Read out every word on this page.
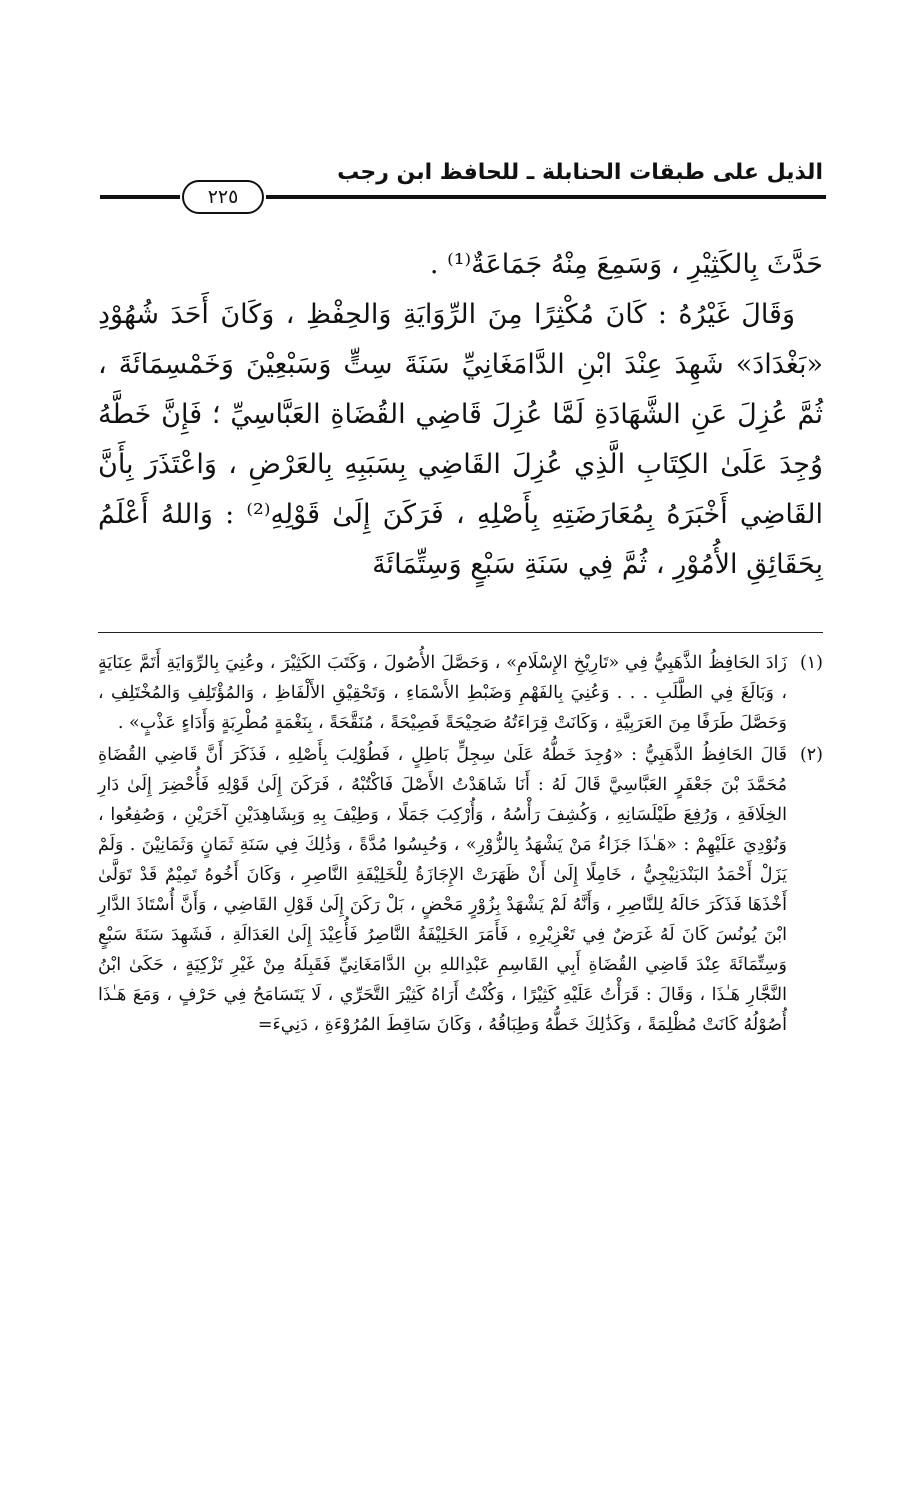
الذيل على طبقات الحنابلة ـ للحافظ ابن رجب
٢٢٥

حَدَّثَ بِالكَثِيْرِ ، وَسَمِعَ مِنْهُ جَمَاعَةٌ⁽¹⁾ .

وَقَالَ غَيْرُهُ : كَانَ مُكْثِرًا مِنَ الرِّوَايَةِ وَالحِفْظِ ، وَكَانَ أَحَدَ شُهُوْدِ «بَغْدَادَ» شَهِدَ عِنْدَ ابْنِ الدَّامَغَانِيِّ سَنَةَ سِتٍّ وَسَبْعِيْنَ وَخَمْسِمَائَةَ ، ثُمَّ عُزِلَ عَنِ الشَّهَادَةِ لَمَّا عُزِلَ قَاضِي القُضَاةِ العَبَّاسِيِّ ؛ فَإِنَّ خَطَّهُ وُجِدَ عَلَىٰ الكِتَابِ الَّذِي عُزِلَ القَاضِي بِسَبَبِهِ بِالعَرْضِ ، وَاعْتَذَرَ بِأَنَّ القَاضِي أَخْبَرَهُ بِمُعَارَضَتِهِ بِأَصْلِهِ ، فَرَكَنَ إِلَىٰ قَوْلِهِ⁽²⁾ : وَاللهُ أَعْلَمُ بِحَقَائِقِ الأُمُوْرِ ، ثُمَّ فِي سَنَةِ سَبْعٍ وَسِتِّمَائَةَ

(١)

زَادَ الحَافِظُ الذَّهَبِيُّ فِي «تَارِيْخِ الإِسْلَامِ» ، وَحَصَّلَ الأُصُولَ ، وَكَتَبَ الكَثِيْرَ ، وعُنِيَ بِالرِّوَايَةِ أَتَمَّ عِنَايَةٍ ، وَبَالَغَ فِي الطَّلَبِ . . . وَعُنِيَ بِالفَهْمِ وَضَبْطِ الأَسْمَاءِ ، وَتَحْقِيْقِ الأَلْفَاظِ ، وَالمُؤْتَلِفِ وَالمُخْتَلِفِ ، وَحَصَّلَ طَرَفًا مِنَ العَرَبِيَّةِ ، وَكَانَتْ قِرَاءَتُهُ صَحِيْحَةً فَصِيْحَةً ، مُنَقَّحَةً ، بِنَغْمَةٍ مُطْرِبَةٍ وَأَدَاءٍ عَذْبٍ» .

(٢)

قَالَ الحَافِظُ الذَّهَبِيُّ : «وُجِدَ خَطُّهُ عَلَىٰ سِجِلٍّ بَاطِلٍ ، فَطُوْلِبَ بِأَصْلِهِ ، فَذَكَرَ أَنَّ قَاضِي القُضَاةِ مُحَمَّدَ بْنَ جَعْفَرٍ العَبَّاسِيَّ قَالَ لَهُ : أَنَا شَاهَدْتُ الأَصْلَ فَاكْتُبْهُ ، فَرَكَنَ إِلَىٰ قَوْلِهِ فَأُحْضِرَ إِلَىٰ دَارِ الخِلَافَةِ ، وَرُفِعَ طَيْلَسَانِهِ ، وَكُشِفَ رَأْسُهُ ، وَأُرْكِبَ جَمَلًا ، وَطِيْفَ بِهِ وَبِشَاهِدَيْنِ آخَرَيْنِ ، وَصُفِعُوا ، وَنُوْدِيَ عَلَيْهِمْ : «هَـٰذَا جَزَاءُ مَنْ يَشْهَدُ بِالزُّوْرِ» ، وَحُبِسُوا مُدَّةً ، وَذَٰلِكَ فِي سَنَةِ ثَمَانٍ وَثَمَانِيْنَ . وَلَمْ يَزَلْ أَحْمَدُ البَنْدَنِيْجِيُّ ، خَامِلًا إِلَىٰ أَنْ ظَهَرَتْ الإِجَازَةُ لِلْخَلِيْفَةِ النَّاصِرِ ، وَكَانَ أَخُوهُ تَمِيْمٌ قَدْ تَوَلَّىٰ أَخْذَهَا فَذَكَرَ حَالَهُ لِلنَّاصِرِ ، وَأَنَّهُ لَمْ يَشْهَدْ بِزُوْرٍ مَحْضٍ ، بَلْ رَكَنَ إِلَىٰ قَوْلِ القَاضِي ، وَأَنَّ أُسْتَاذَ الدَّارِ ابْنَ يُونُسَ كَانَ لَهُ غَرَضٌ فِي تَعْزِيْرِهِ ، فَأَمَرَ الخَلِيْفَةُ النَّاصِرُ فَأُعِيْدَ إِلَىٰ العَدَالَةِ ، فَشَهِدَ سَنَةَ سَبْعٍ وَسِتِّمَائَةَ عِنْدَ قَاضِي القُضَاةِ أَبِي القَاسِمِ عَبْدِاللهِ بنِ الدَّامَغَانِيِّ فَقَبِلَهُ مِنْ غَيْرِ تَزْكِيَةٍ ، حَكَىٰ ابْنُ النَّجَّارِ هَـٰذَا ، وَقَالَ : قَرَأْتُ عَلَيْهِ كَثِيْرًا ، وَكُنْتُ أَرَاهُ كَثِيْرَ التَّحَرِّي ، لَا يَتَسَامَحُ فِي حَرْفٍ ، وَمَعَ هَـٰذَا أُصُوْلُهُ كَانَتْ مُظْلِمَةً ، وَكَذَٰلِكَ خَطُّهُ وَطِبَاقُهُ ، وَكَانَ سَاقِطَ المُرُوْءَةِ ، دَنِيءَ=
